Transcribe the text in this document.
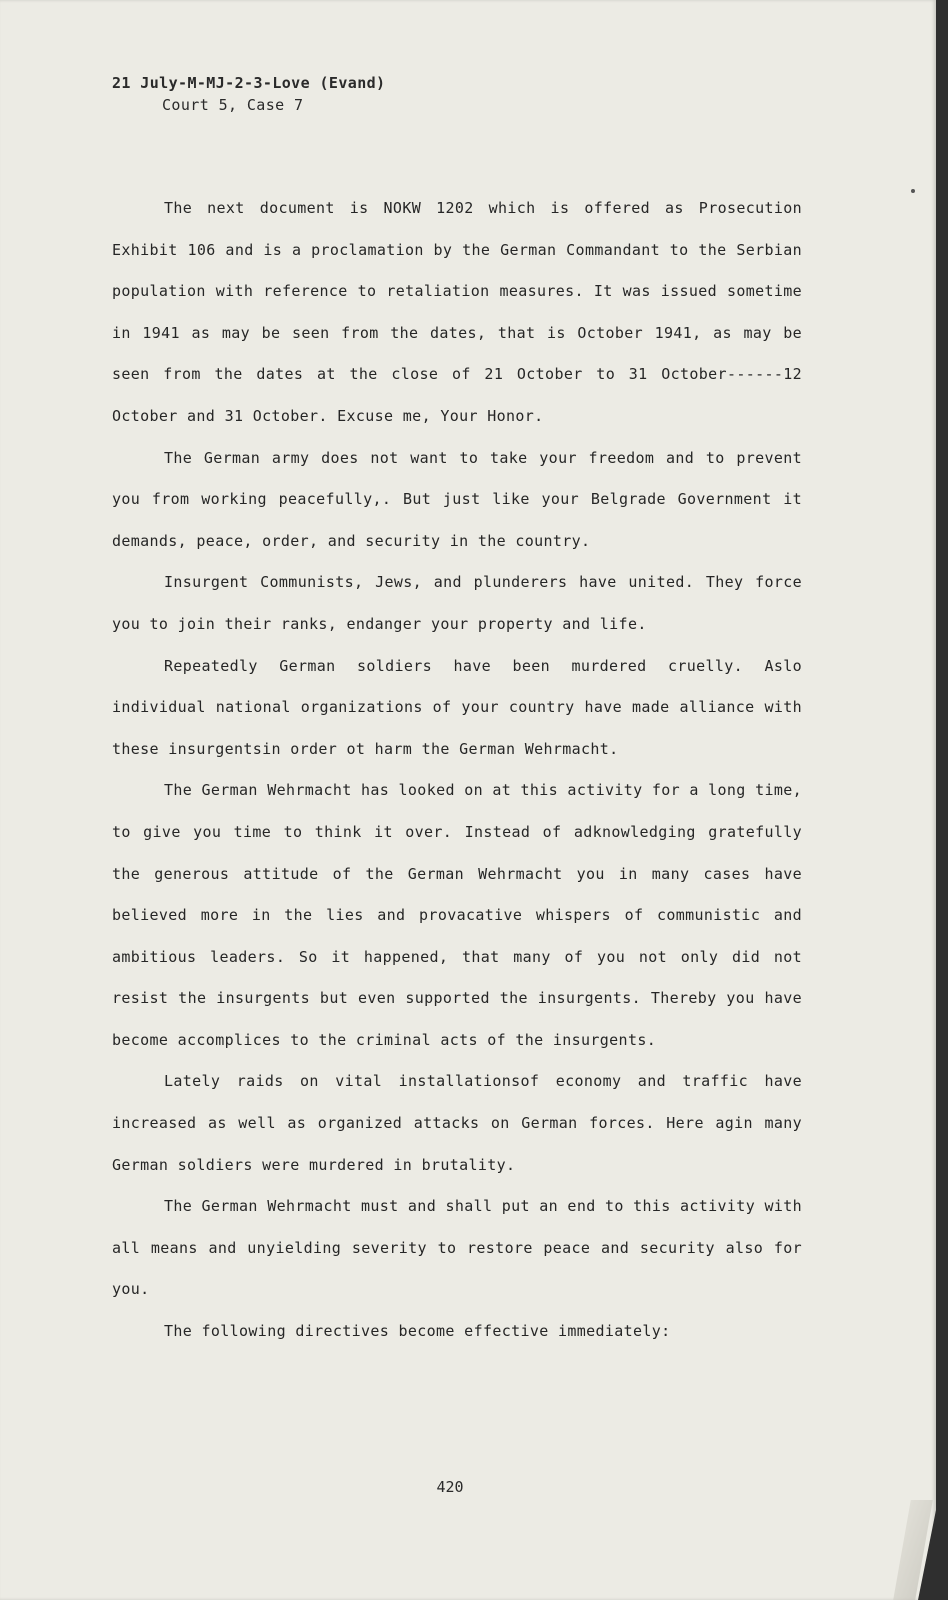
21 July-M-MJ-2-3-Love (Evand)
Court 5, Case 7

The next document is NOKW 1202 which is offered as Prosecution Exhibit 106 and is a proclamation by the German Commandant to the Serbian population with reference to retaliation measures. It was issued sometime in 1941 as may be seen from the dates, that is October 1941, as may be seen from the dates at the close of 21 October to 31 October------12 October and 31 October. Excuse me, Your Honor.

The German army does not want to take your freedom and to prevent you from working peacefully,. But just like your Belgrade Government it demands, peace, order, and security in the country.

Insurgent Communists, Jews, and plunderers have united. They force you to join their ranks, endanger your property and life.

Repeatedly German soldiers have been murdered cruelly. Aslo individual national organizations of your country have made alliance with these insurgentsin order ot harm the German Wehrmacht.

The German Wehrmacht has looked on at this activity for a long time, to give you time to think it over. Instead of adknowledging gratefully the generous attitude of the German Wehrmacht you in many cases have believed more in the lies and provacative whispers of communistic and ambitious leaders. So it happened, that many of you not only did not resist the insurgents but even supported the insurgents. Thereby you have become accomplices to the criminal acts of the insurgents.

Lately raids on vital installationsof economy and traffic have increased as well as organized attacks on German forces. Here agin many German soldiers were murdered in brutality.

The German Wehrmacht must and shall put an end to this activity with all means and unyielding severity to restore peace and security also for you.

The following directives become effective immediately:

420
